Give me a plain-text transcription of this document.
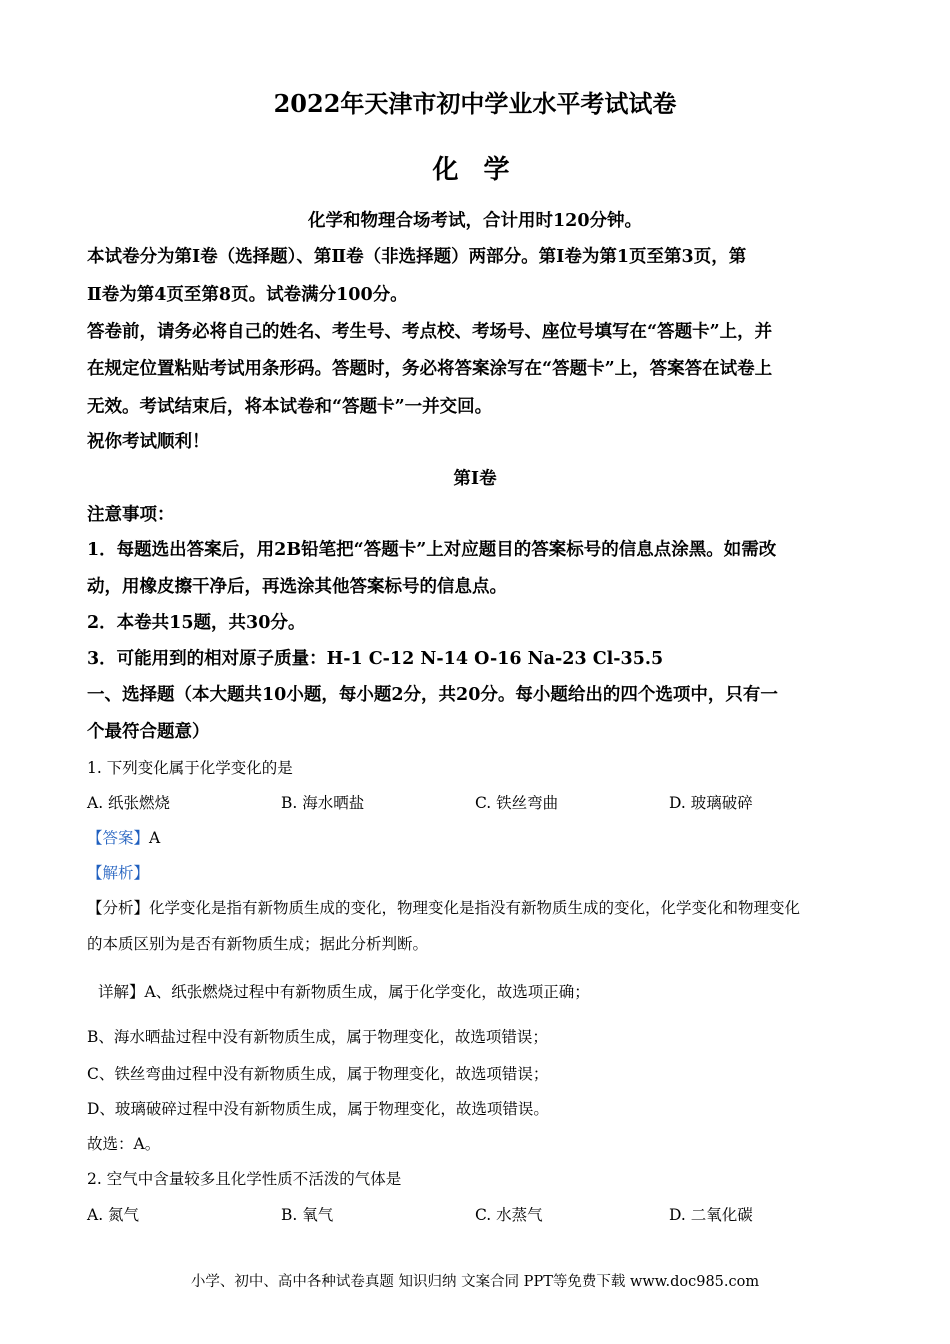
2022年天津市初中学业水平考试试卷
化 学
化学和物理合场考试，合计用时120分钟。
本试卷分为第Ⅰ卷（选择题）、第Ⅱ卷（非选择题）两部分。第Ⅰ卷为第1页至第3页，第
Ⅱ卷为第4页至第8页。试卷满分100分。
答卷前，请务必将自己的姓名、考生号、考点校、考场号、座位号填写在“答题卡”上，并
在规定位置粘贴考试用条形码。答题时，务必将答案涂写在“答题卡”上，答案答在试卷上
无效。考试结束后，将本试卷和“答题卡”一并交回。
祝你考试顺利！
第Ⅰ卷
注意事项：
1．每题选出答案后，用2B铅笔把“答题卡”上对应题目的答案标号的信息点涂黑。如需改
动，用橡皮擦干净后，再选涂其他答案标号的信息点。
2．本卷共15题，共30分。
3．可能用到的相对原子质量：H-1 C-12 N-14 O-16 Na-23 Cl-35.5
一、选择题（本大题共10小题，每小题2分，共20分。每小题给出的四个选项中，只有一
个最符合题意）
1. 下列变化属于化学变化的是
A. 纸张燃烧	B. 海水晒盐	C. 铁丝弯曲	D. 玻璃破碎
【答案】A
【解析】
【分析】化学变化是指有新物质生成的变化，物理变化是指没有新物质生成的变化，化学变化和物理变化
的本质区别为是否有新物质生成；据此分析判断。
详解】A、纸张燃烧过程中有新物质生成，属于化学变化，故选项正确；
B、海水晒盐过程中没有新物质生成，属于物理变化，故选项错误；
C、铁丝弯曲过程中没有新物质生成，属于物理变化，故选项错误；
D、玻璃破碎过程中没有新物质生成，属于物理变化，故选项错误。
故选：A。
2. 空气中含量较多且化学性质不活泼的气体是
A. 氮气	B. 氧气	C. 水蒸气	D. 二氧化碳
小学、初中、高中各种试卷真题 知识归纳 文案合同 PPT等免费下载 www.doc985.com
